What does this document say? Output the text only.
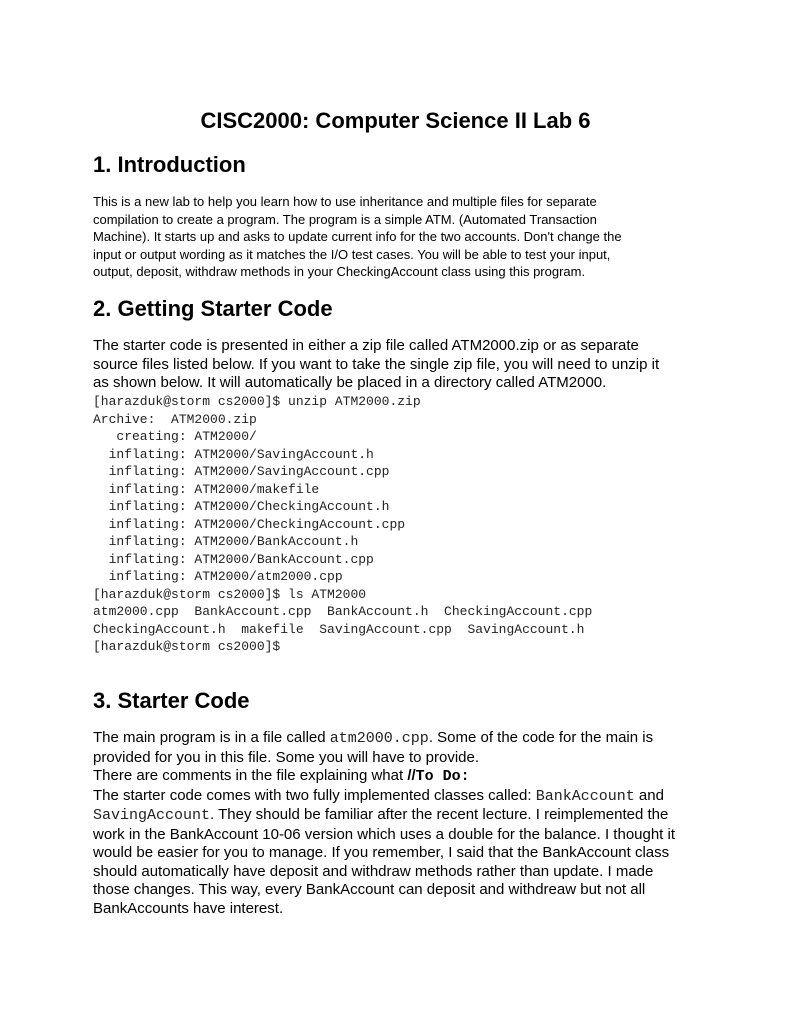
CISC2000: Computer Science II Lab 6
1. Introduction
This is a new lab to help you learn how to use inheritance and multiple files for separate
compilation to create a program. The program is a simple ATM. (Automated Transaction
Machine). It starts up and asks to update current info for the two accounts. Don't change the
input or output wording as it matches the I/O test cases. You will be able to test your input,
output, deposit, withdraw methods in your CheckingAccount class using this program.
2. Getting Starter Code
The starter code is presented in either a zip file called ATM2000.zip or as separate
source files listed below. If you want to take the single zip file, you will need to unzip it
as shown below. It will automatically be placed in a directory called ATM2000.
[harazduk@storm cs2000]$ unzip ATM2000.zip
Archive:  ATM2000.zip
creating: ATM2000/
inflating: ATM2000/SavingAccount.h
inflating: ATM2000/SavingAccount.cpp
inflating: ATM2000/makefile
inflating: ATM2000/CheckingAccount.h
inflating: ATM2000/CheckingAccount.cpp
inflating: ATM2000/BankAccount.h
inflating: ATM2000/BankAccount.cpp
inflating: ATM2000/atm2000.cpp
[harazduk@storm cs2000]$ ls ATM2000
atm2000.cpp  BankAccount.cpp  BankAccount.h  CheckingAccount.cpp
CheckingAccount.h  makefile  SavingAccount.cpp  SavingAccount.h
[harazduk@storm cs2000]$
3. Starter Code
The main program is in a file called atm2000.cpp. Some of the code for the main is
provided for you in this file. Some you will have to provide.
There are comments in the file explaining what //To Do:
The starter code comes with two fully implemented classes called: BankAccount and
SavingAccount. They should be familiar after the recent lecture. I reimplemented the
work in the BankAccount 10-06 version which uses a double for the balance. I thought it
would be easier for you to manage. If you remember, I said that the BankAccount class
should automatically have deposit and withdraw methods rather than update. I made
those changes. This way, every BankAccount can deposit and withdreaw but not all
BankAccounts have interest.
